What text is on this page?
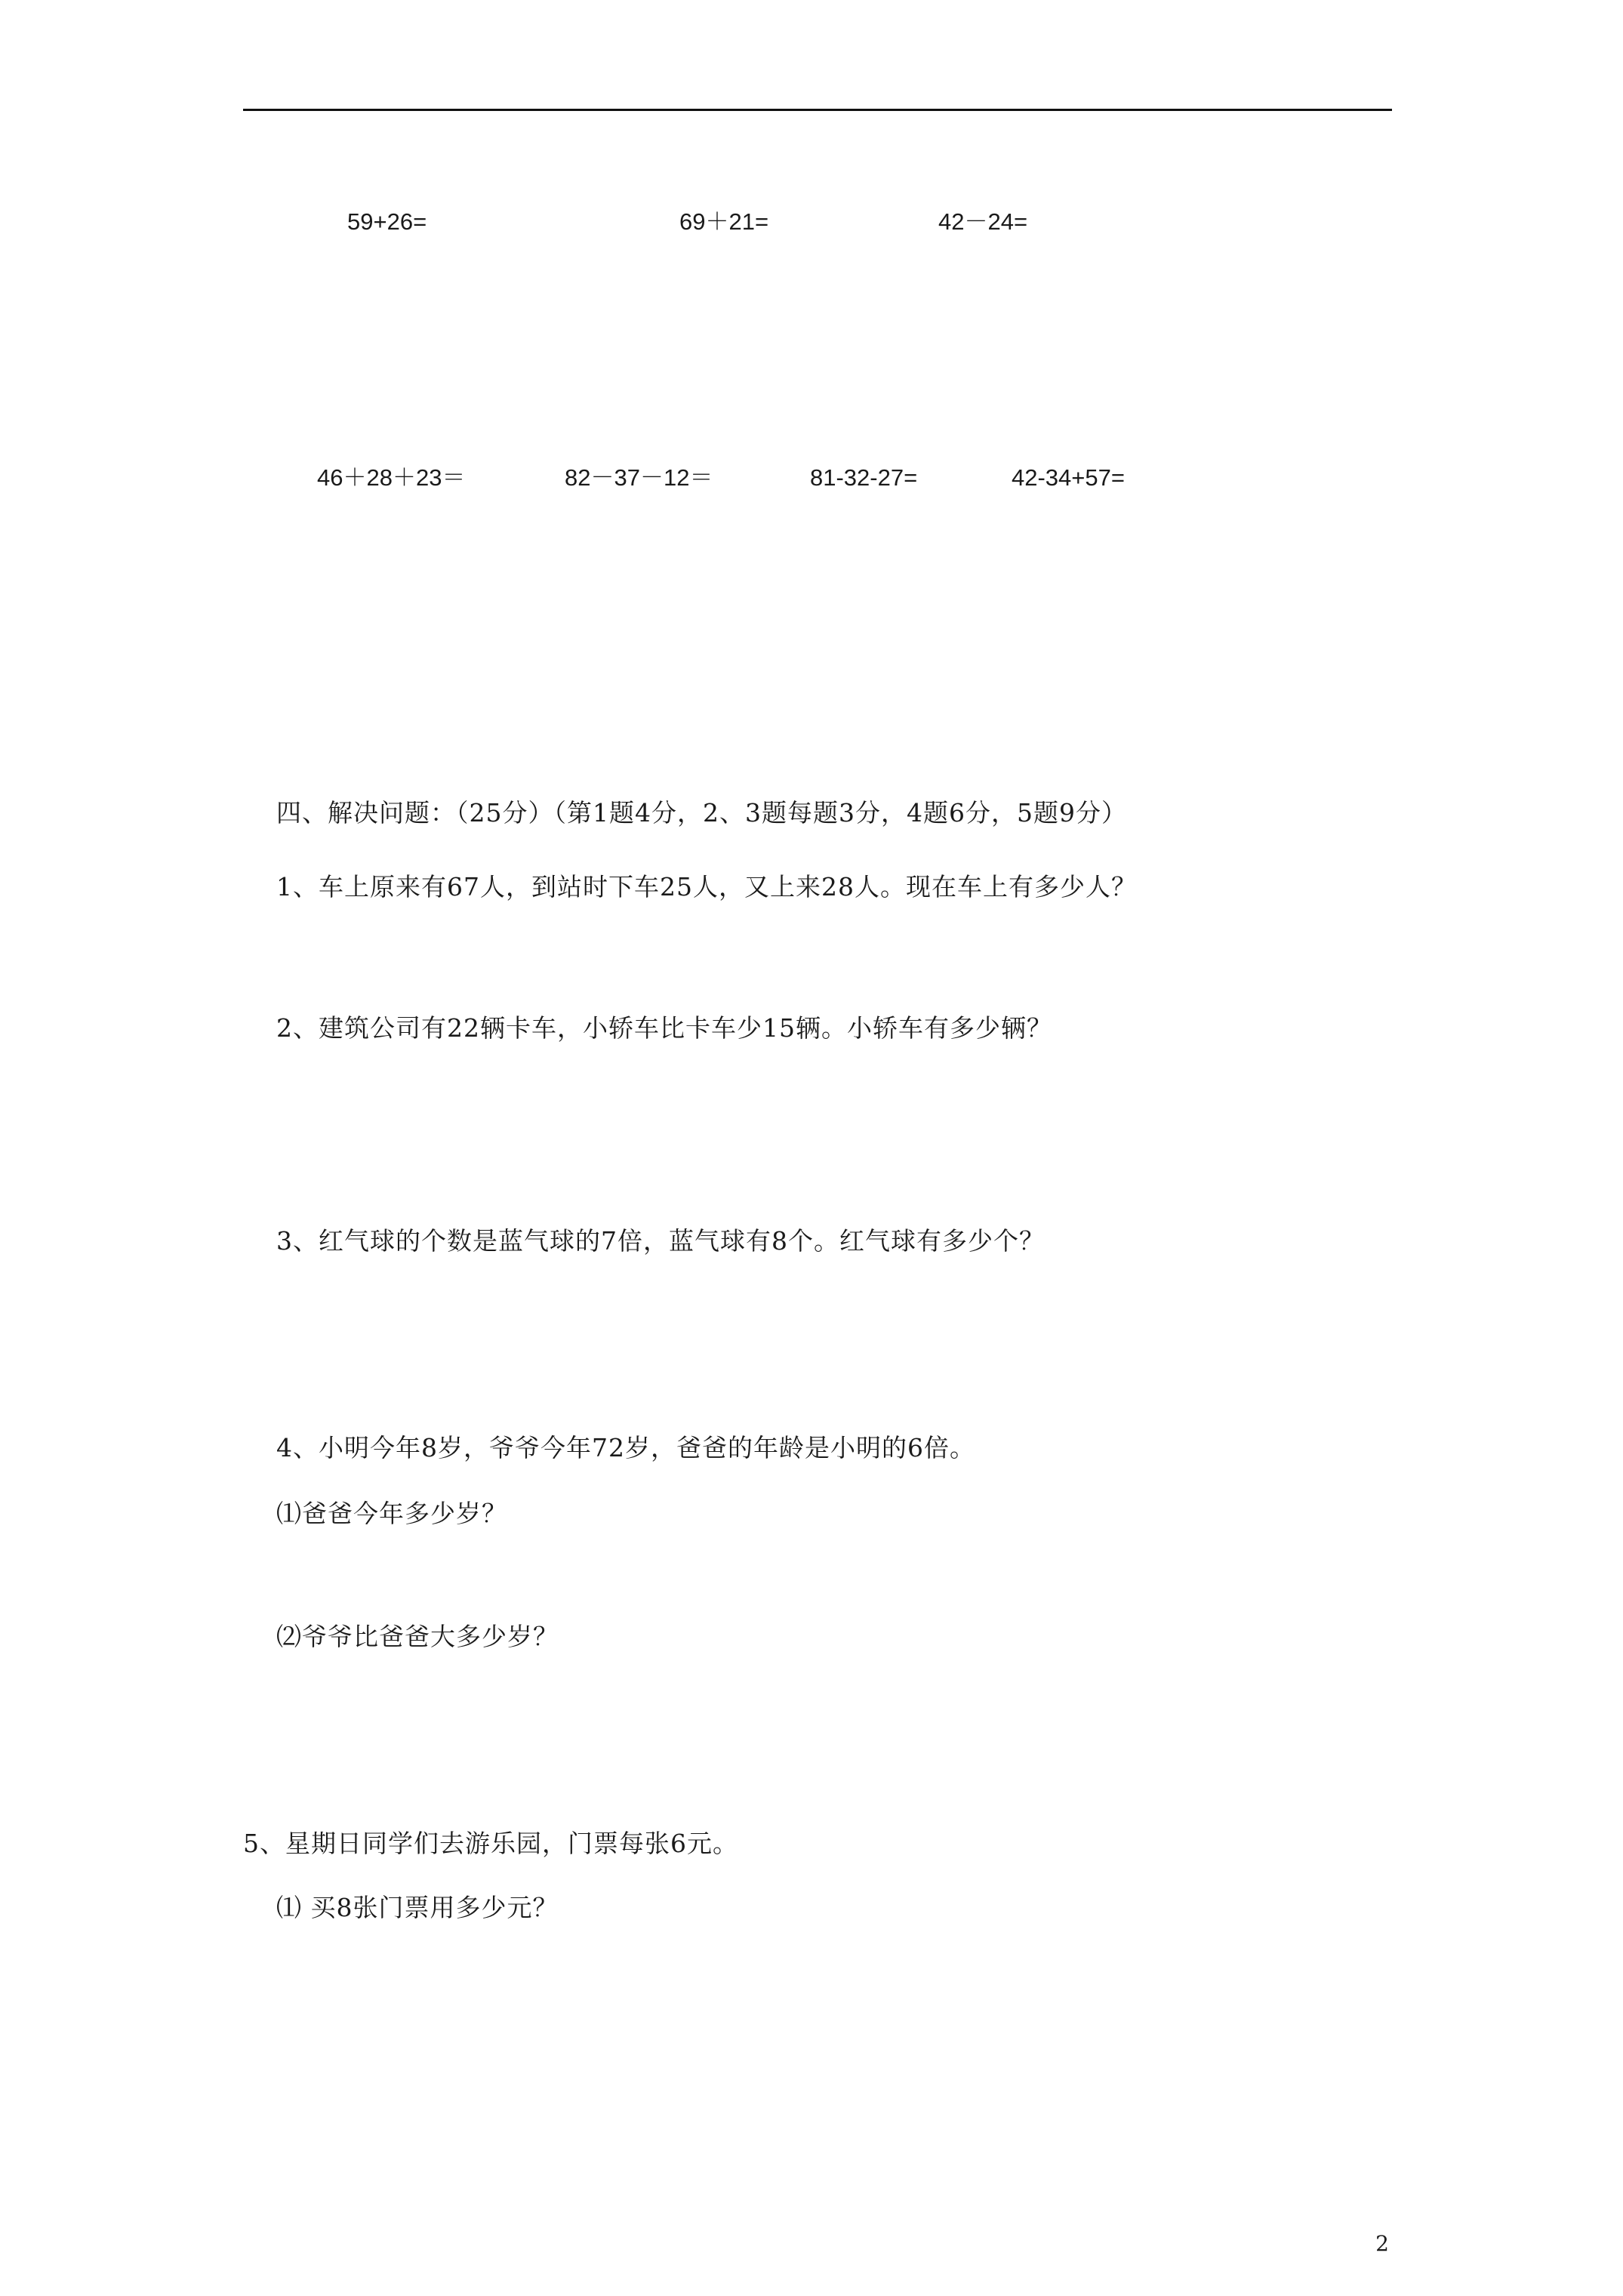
59+26=	69＋21=	42－24=
46＋28＋23＝	82－37－12＝	81-32-27=	42-34+57=
四、解决问题：（25分）（第1题4分，2、3题每题3分，4题6分，5题9分）
1、车上原来有67人，到站时下车25人，又上来28人。现在车上有多少人？
2、建筑公司有22辆卡车，小轿车比卡车少15辆。小轿车有多少辆？
3、红气球的个数是蓝气球的7倍，蓝气球有8个。红气球有多少个？
4、小明今年8岁，爷爷今年72岁，爸爸的年龄是小明的6倍。
⑴爸爸今年多少岁？
⑵爷爷比爸爸大多少岁？
5、星期日同学们去游乐园，门票每张6元。
⑴ 买8张门票用多少元？
2
